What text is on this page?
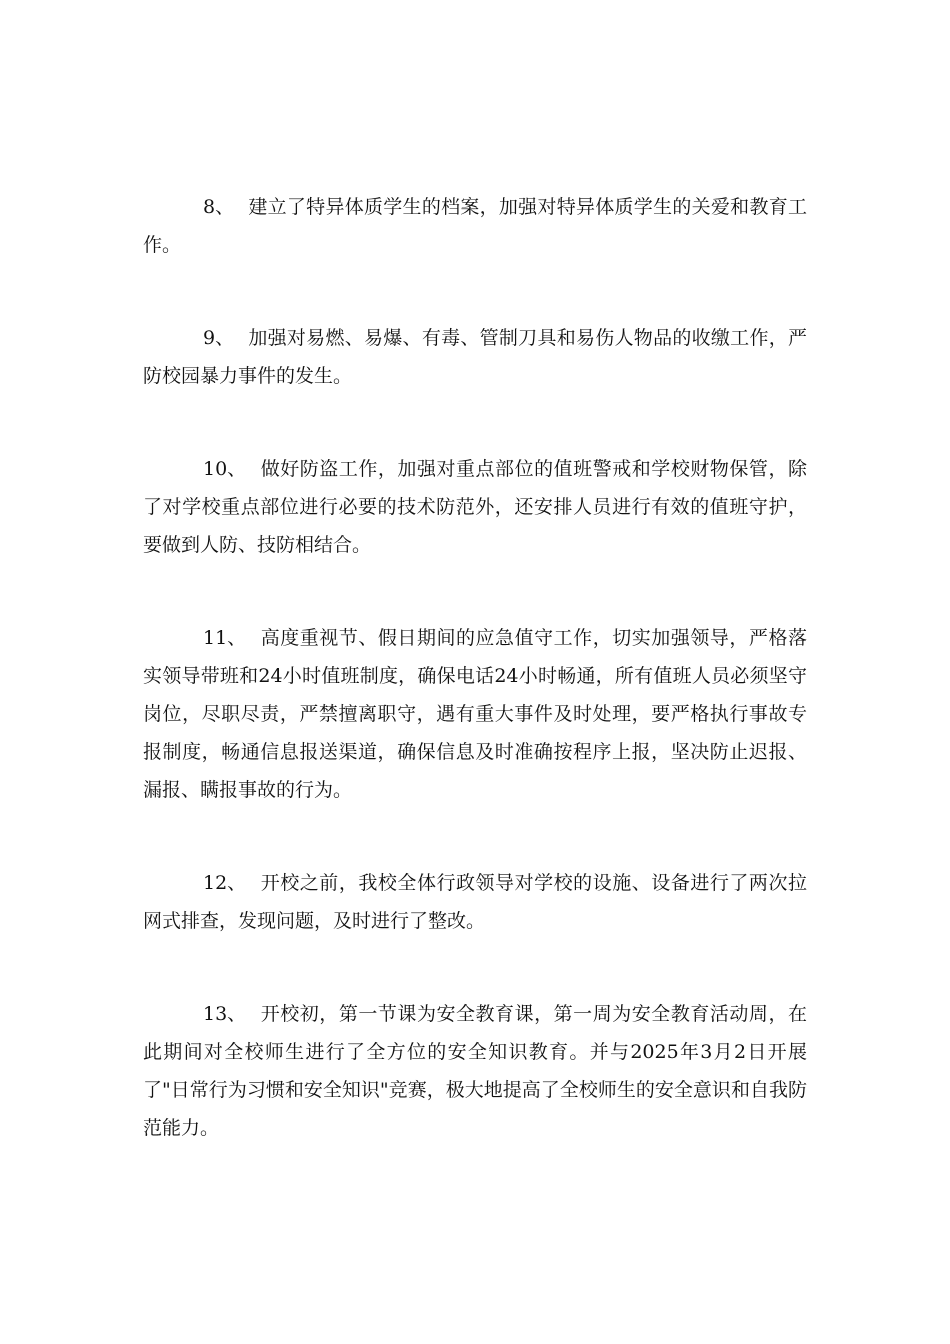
8、 建立了特异体质学生的档案，加强对特异体质学生的关爱和教育工作。

9、 加强对易燃、易爆、有毒、管制刀具和易伤人物品的收缴工作，严防校园暴力事件的发生。

10、 做好防盗工作，加强对重点部位的值班警戒和学校财物保管，除了对学校重点部位进行必要的技术防范外，还安排人员进行有效的值班守护，要做到人防、技防相结合。

11、 高度重视节、假日期间的应急值守工作，切实加强领导，严格落实领导带班和24小时值班制度，确保电话24小时畅通，所有值班人员必须坚守岗位，尽职尽责，严禁擅离职守，遇有重大事件及时处理，要严格执行事故专报制度，畅通信息报送渠道，确保信息及时准确按程序上报，坚决防止迟报、漏报、瞒报事故的行为。

12、 开校之前，我校全体行政领导对学校的设施、设备进行了两次拉网式排查，发现问题，及时进行了整改。

13、 开校初，第一节课为安全教育课，第一周为安全教育活动周，在此期间对全校师生进行了全方位的安全知识教育。并与2025年3月2日开展了"日常行为习惯和安全知识"竞赛，极大地提高了全校师生的安全意识和自我防范能力。
